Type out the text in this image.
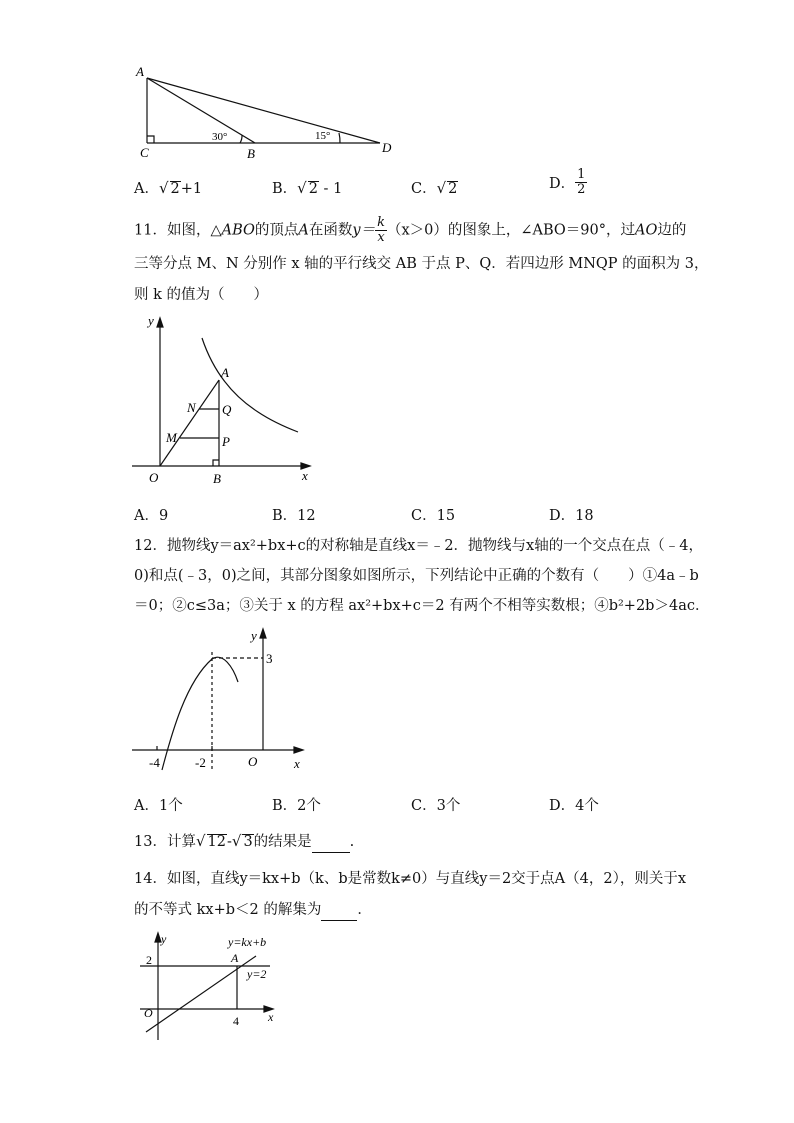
A
C	B	D
30°	15°
A．√ 2+1	B．√ 2 - 1	C．√ 2	D． $\frac{1}{2}$
11．如图，△ABO的顶点A在函数$y= \frac{k}{x} (x>0)$的图象上，∠ABO＝90°，过AO边的
三等分点 M、N 分别作 x 轴的平行线交 AB 于点 P、Q．若四边形 MNQP 的面积为 3，
则 k 的值为（　　）
y
x
O
A
B
M
N
P
Q
A．9	B．12	C．15	D．18
12．抛物线y＝ax²+bx+c的对称轴是直线x＝﹣2．抛物线与x轴的一个交点在点（﹣4，
0)和点(﹣3，0)之间，其部分图象如图所示，下列结论中正确的个数有（　　）①4a﹣b
＝0；②c≤3a；③关于 x 的方程 ax²+bx+c＝2 有两个不相等实数根；④b²+2b＞4ac．
y
x
O
3
-4	-2
A．1个	B．2个	C．3个	D．4个
13．计算√ 12-√ 3的结果是	.
14．如图，直线y＝kx+b（k、b是常数k≠0）与直线y＝2交于点A（4，2），则关于x
的不等式 kx+b＜2 的解集为 ．
y
x
O
A
2
4
y=kx+b
y=2
